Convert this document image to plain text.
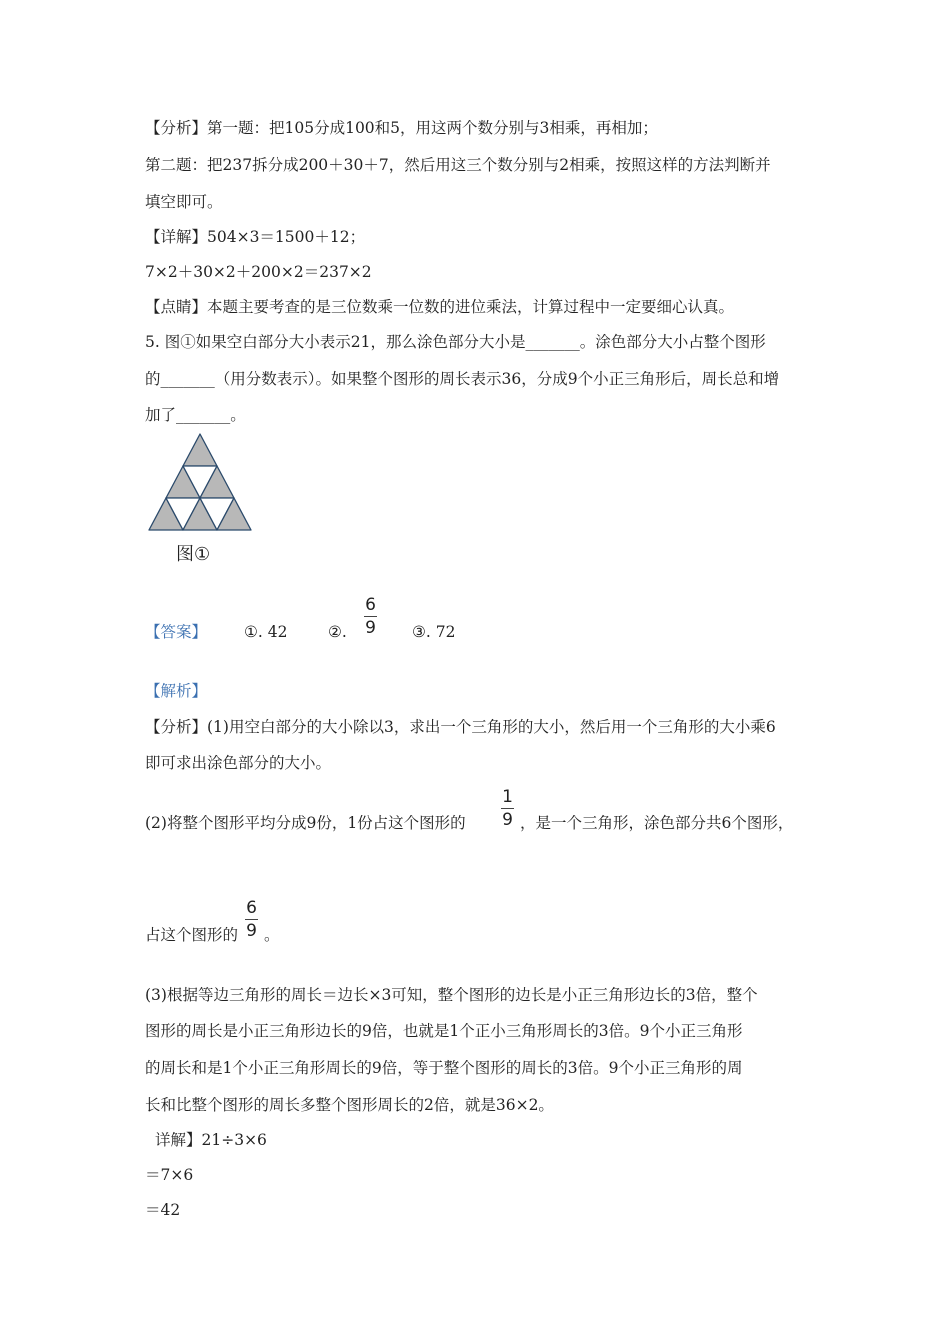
【分析】第一题：把105分成100和5，用这两个数分别与3相乘，再相加；
第二题：把237拆分成200＋30＋7，然后用这三个数分别与2相乘，按照这样的方法判断并
填空即可。
【详解】504×3＝1500＋12；
7×2＋30×2＋200×2＝237×2
【点睛】本题主要考查的是三位数乘一位数的进位乘法，计算过程中一定要细心认真。
5. 图①如果空白部分大小表示21，那么涂色部分大小是_______。涂色部分大小占整个图形
的_______（用分数表示）。如果整个图形的周长表示36，分成9个小正三角形后，周长总和增
加了_______。
图①
【答案】 ①. 42	②.
6
9 ③. 72
【解析】
【分析】(1)用空白部分的大小除以3，求出一个三角形的大小，然后用一个三角形的大小乘6
即可求出涂色部分的大小。
(2)将整个图形平均分成9份，1份占这个图形的
1
9 ，是一个三角形，涂色部分共6个图形，
占这个图形的
6
9 。
(3)根据等边三角形的周长＝边长×3可知，整个图形的边长是小正三角形边长的3倍，整个
图形的周长是小正三角形边长的9倍，也就是1个正小三角形周长的3倍。9个小正三角形
的周长和是1个小正三角形周长的9倍，等于整个图形的周长的3倍。9个小正三角形的周
长和比整个图形的周长多整个图形周长的2倍，就是36×2。
详解】21÷3×6
＝7×6
＝42
